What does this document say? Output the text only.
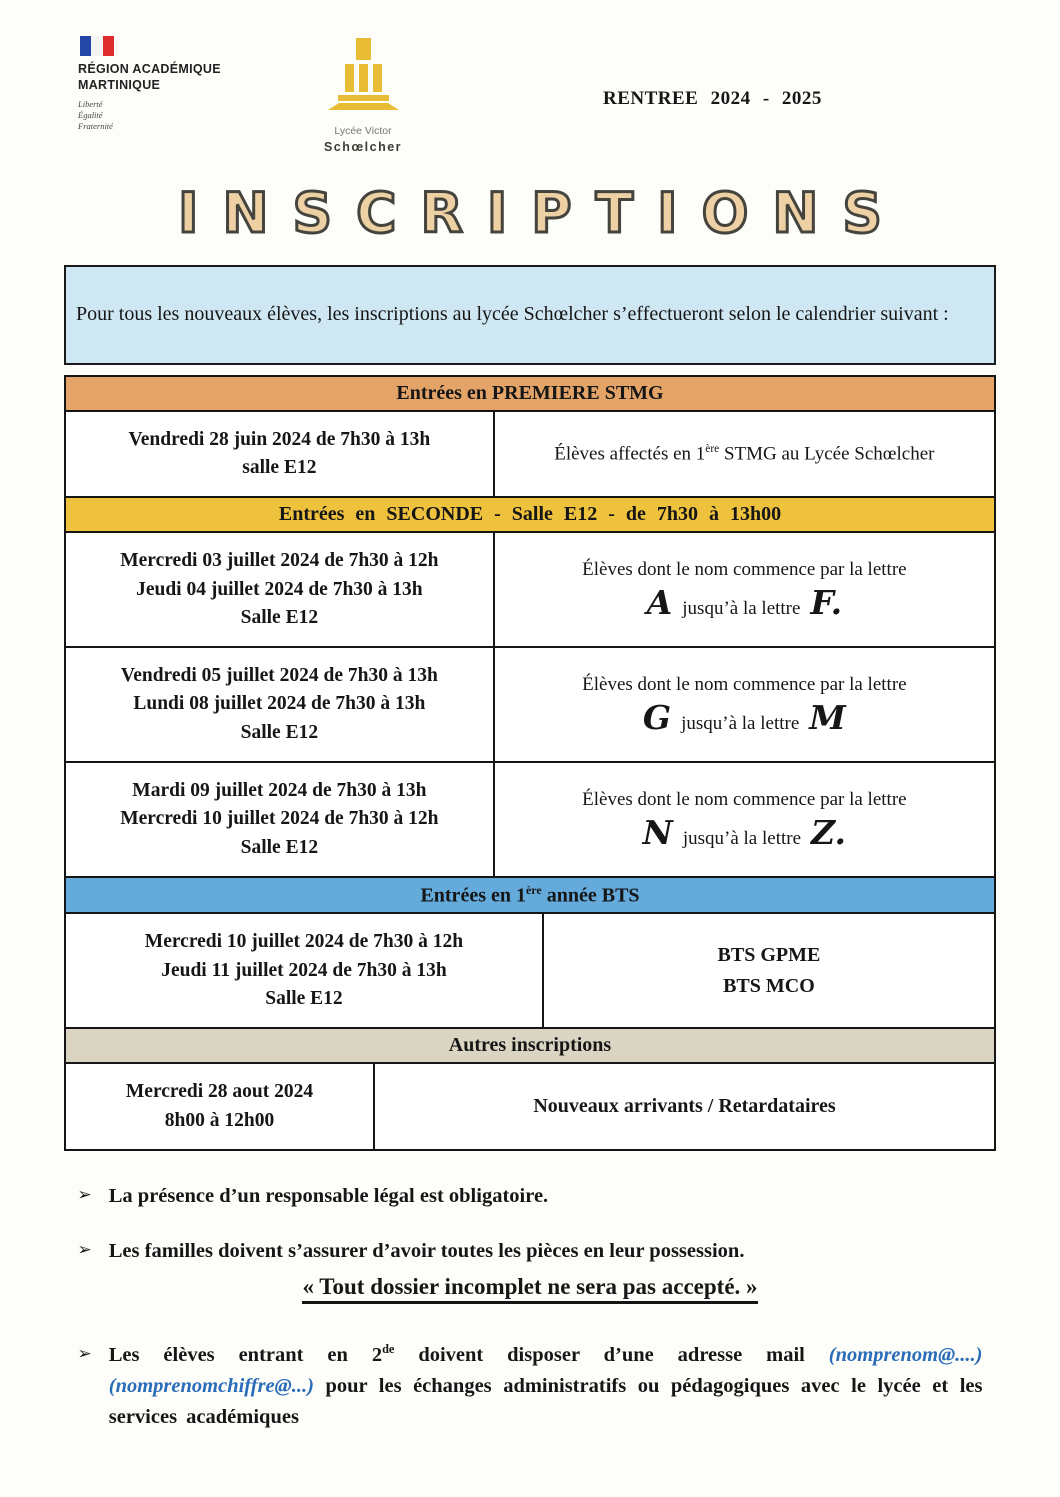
RÉGION ACADÉMIQUE
MARTINIQUE
Liberté
Égalité
Fraternité	Lycée Victor
Schœlcher
RENTREE 2024 - 2025
INSCRIPTIONS

Pour tous les nouveaux élèves, les inscriptions au lycée Schœlcher s’effectueront selon le calendrier suivant :

Entrées en PREMIERE STMG
Vendredi 28 juin 2024 de 7h30 à 13h
salle E12
Élèves affectés en 1ère STMG au Lycée Schœlcher
Entrées en SECONDE - Salle E12 - de 7h30 à 13h00
Mercredi 03 juillet 2024 de 7h30 à 12h
Jeudi 04 juillet 2024 de 7h30 à 13h
Salle E12
Élèves dont le nom commence par la lettre
A jusqu’à la lettre F.
Vendredi 05 juillet 2024 de 7h30 à 13h
Lundi 08 juillet 2024 de 7h30 à 13h
Salle E12
Élèves dont le nom commence par la lettre
G jusqu’à la lettre M
Mardi 09 juillet 2024 de 7h30 à 13h
Mercredi 10 juillet 2024 de 7h30 à 12h
Salle E12
Élèves dont le nom commence par la lettre
N jusqu’à la lettre Z.
Entrées en 1ère année BTS
Mercredi 10 juillet 2024 de 7h30 à 12h
Jeudi 11 juillet 2024 de 7h30 à 13h
Salle E12
BTS GPME
BTS MCO
Autres inscriptions
Mercredi 28 aout 2024
8h00 à 12h00
Nouveaux arrivants / Retardataires
➢ La présence d’un responsable légal est obligatoire.

➢ Les familles doivent s’assurer d’avoir toutes les pièces en leur possession.

« Tout dossier incomplet ne sera pas accepté. »

➢ Les élèves entrant en 2de doivent disposer d’une adresse mail (nomprenom@....) (nomprenomchiffre@...) pour les échanges administratifs ou pédagogiques avec le lycée et les services académiques
